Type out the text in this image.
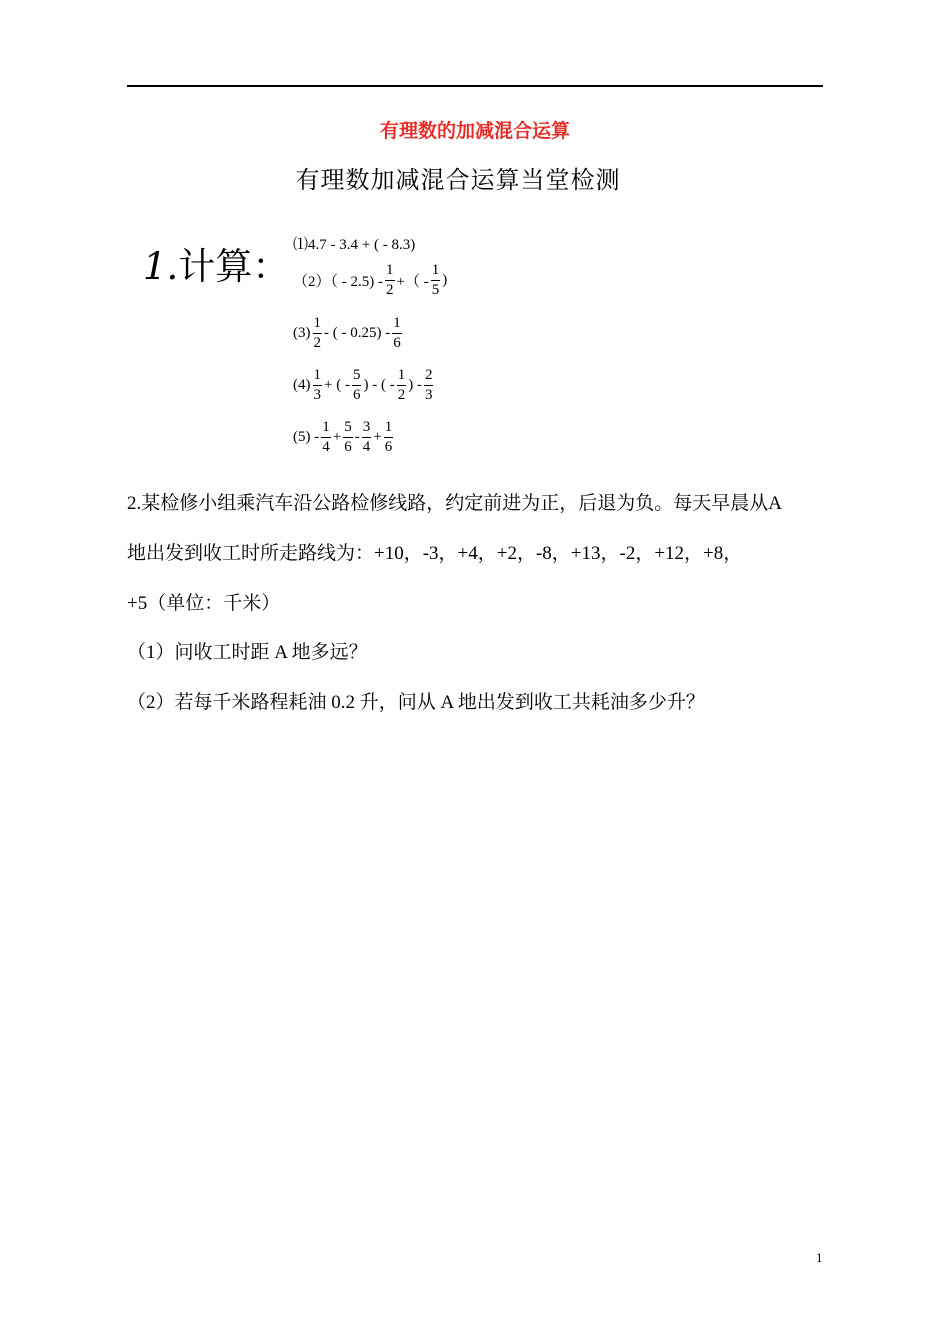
有理数的加减混合运算
有理数加减混合运算当堂检测
1.计算： ⑴4.7 - 3.4 + ( - 8.3)
$(2)( - 2.5) - \frac{1}{2}$ +（ - $\frac{1}{5}$ )
$(3) \frac{1}{2}$ - ( - $0.25) - \frac{1}{6}$
$(4) \frac{1}{3}$ + ( - $\frac{5}{6}$ ) - ( - $\frac{1}{2}$ ) - $\frac{2}{3}$
$(5) - \frac{1}{4} + \frac{5}{6} - \frac{3}{4} + \frac{1}{6}$
2.某检修小组乘汽车沿公路检修线路，约定前进为正，后退为负。每天早晨从A
地出发到收工时所走路线为：+10，-3，+4，+2，-8，+13，-2，+12，+8，
+5（单位：千米）
（1）问收工时距 A 地多远？
（2）若每千米路程耗油 0.2 升，问从 A 地出发到收工共耗油多少升？
1
